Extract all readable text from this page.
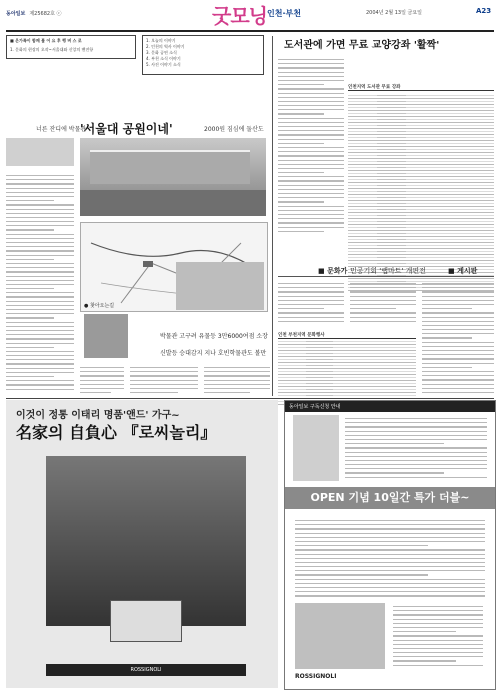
동아일보 제25682호 ⓒ	굿모닝 인천·부천	2004년 2월 13일 금요일	A23
■ 온가족이 함께 볼 어 요 후 행 버 스 로
1. 문화의 현장의 오작~서울대와 신앙의 밴전항
1. 오늘의 이야기
2. 인천의 역사 이야기
3. 문화 공연 소식
4. 부천 소식 이야기
5. 사진 이야기 소식
너른 잔디에 박물관
'서울대 공원이네'	2000원 짐심에 둘산도
● 찾아오는길
박물관 고구려 유물등 3만6000여점 소장
신발등 승대감지 지나 호빈학물관도 볼만
도서관에 가면 무료 교양강좌 '활짝'
인천지역 도서관 무료 강좌
■ 문화가 민공기회 '랩마트' 개편전	■ 게시판
인천 부천지역 문화행사
이것이 정통 이태리 명품'앤드' 가구~
名家의 自負心 『로씨놀리』
ROSSIGNOLI
동아일보 구독신청 안내
OPEN 기념 10일간 특가 더블~
ROSSIGNOLI
